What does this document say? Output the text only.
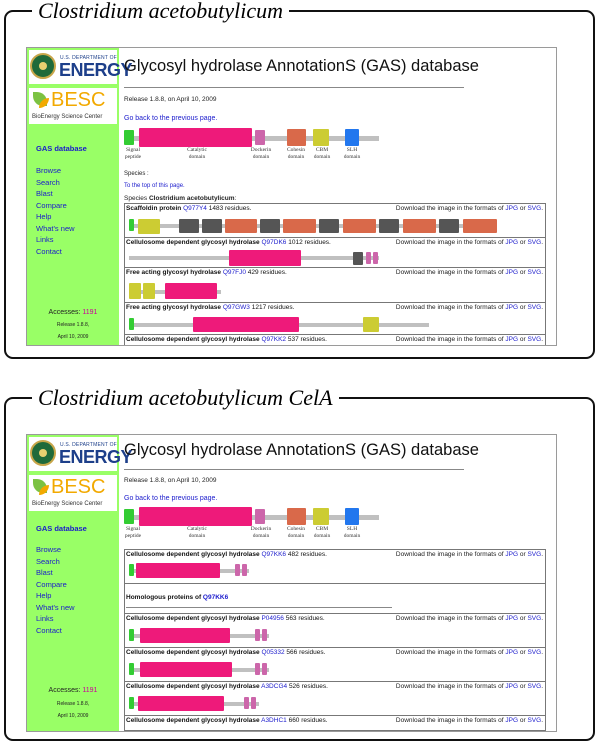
Clostridium acetobutylicum
U.S. DEPARTMENT OF
ENERGY
BESC
BioEnergy Science Center
GAS database
Browse
Search
Blast
Compare
Help
What's new
Links
Contact
Accesses: 1191
Release 1.8.8,
April 10, 2009
Glycosyl hydrolase AnnotationS (GAS) database
Release 1.8.8, on April 10, 2009
Go back to the previous page.
Signal peptide
Catalytic domain
Dockerin domain
Cohesin domain
CBM domain
SLH domain
Species :
To the top of this page.
Species Clostridium acetobutylicum:
Scaffoldin protein Q977Y4 1483 residues.	Download the image in the formats of JPG or SVG.
Cellulosome dependent glycosyl hydrolase Q97DK6 1012 residues.	Download the image in the formats of JPG or SVG.
Free acting glycosyl hydrolase Q97FJ0 429 residues.	Download the image in the formats of JPG or SVG.
Free acting glycosyl hydrolase Q97GW3 1217 residues.	Download the image in the formats of JPG or SVG.
Cellulosome dependent glycosyl hydrolase Q97KK2 537 residues.	Download the image in the formats of JPG or SVG.
Clostridium acetobutylicum CelA
U.S. DEPARTMENT OF
ENERGY
BESC
BioEnergy Science Center
GAS database
Browse
Search
Blast
Compare
Help
What's new
Links
Contact
Accesses: 1191
Release 1.8.8,
April 10, 2009
Glycosyl hydrolase AnnotationS (GAS) database
Release 1.8.8, on April 10, 2009
Go back to the previous page.
Signal peptide
Catalytic domain
Dockerin domain
Cohesin domain
CBM domain
SLH domain
Cellulosome dependent glycosyl hydrolase Q97KK6 482 residues.	Download the image in the formats of JPG or SVG.
Homologous proteins of Q97KK6
Cellulosome dependent glycosyl hydrolase P04956 563 residues.	Download the image in the formats of JPG or SVG.
Cellulosome dependent glycosyl hydrolase Q05332 566 residues.	Download the image in the formats of JPG or SVG.
Cellulosome dependent glycosyl hydrolase A3DCG4 526 residues.	Download the image in the formats of JPG or SVG.
Cellulosome dependent glycosyl hydrolase A3DHC1 660 residues.	Download the image in the formats of JPG or SVG.
